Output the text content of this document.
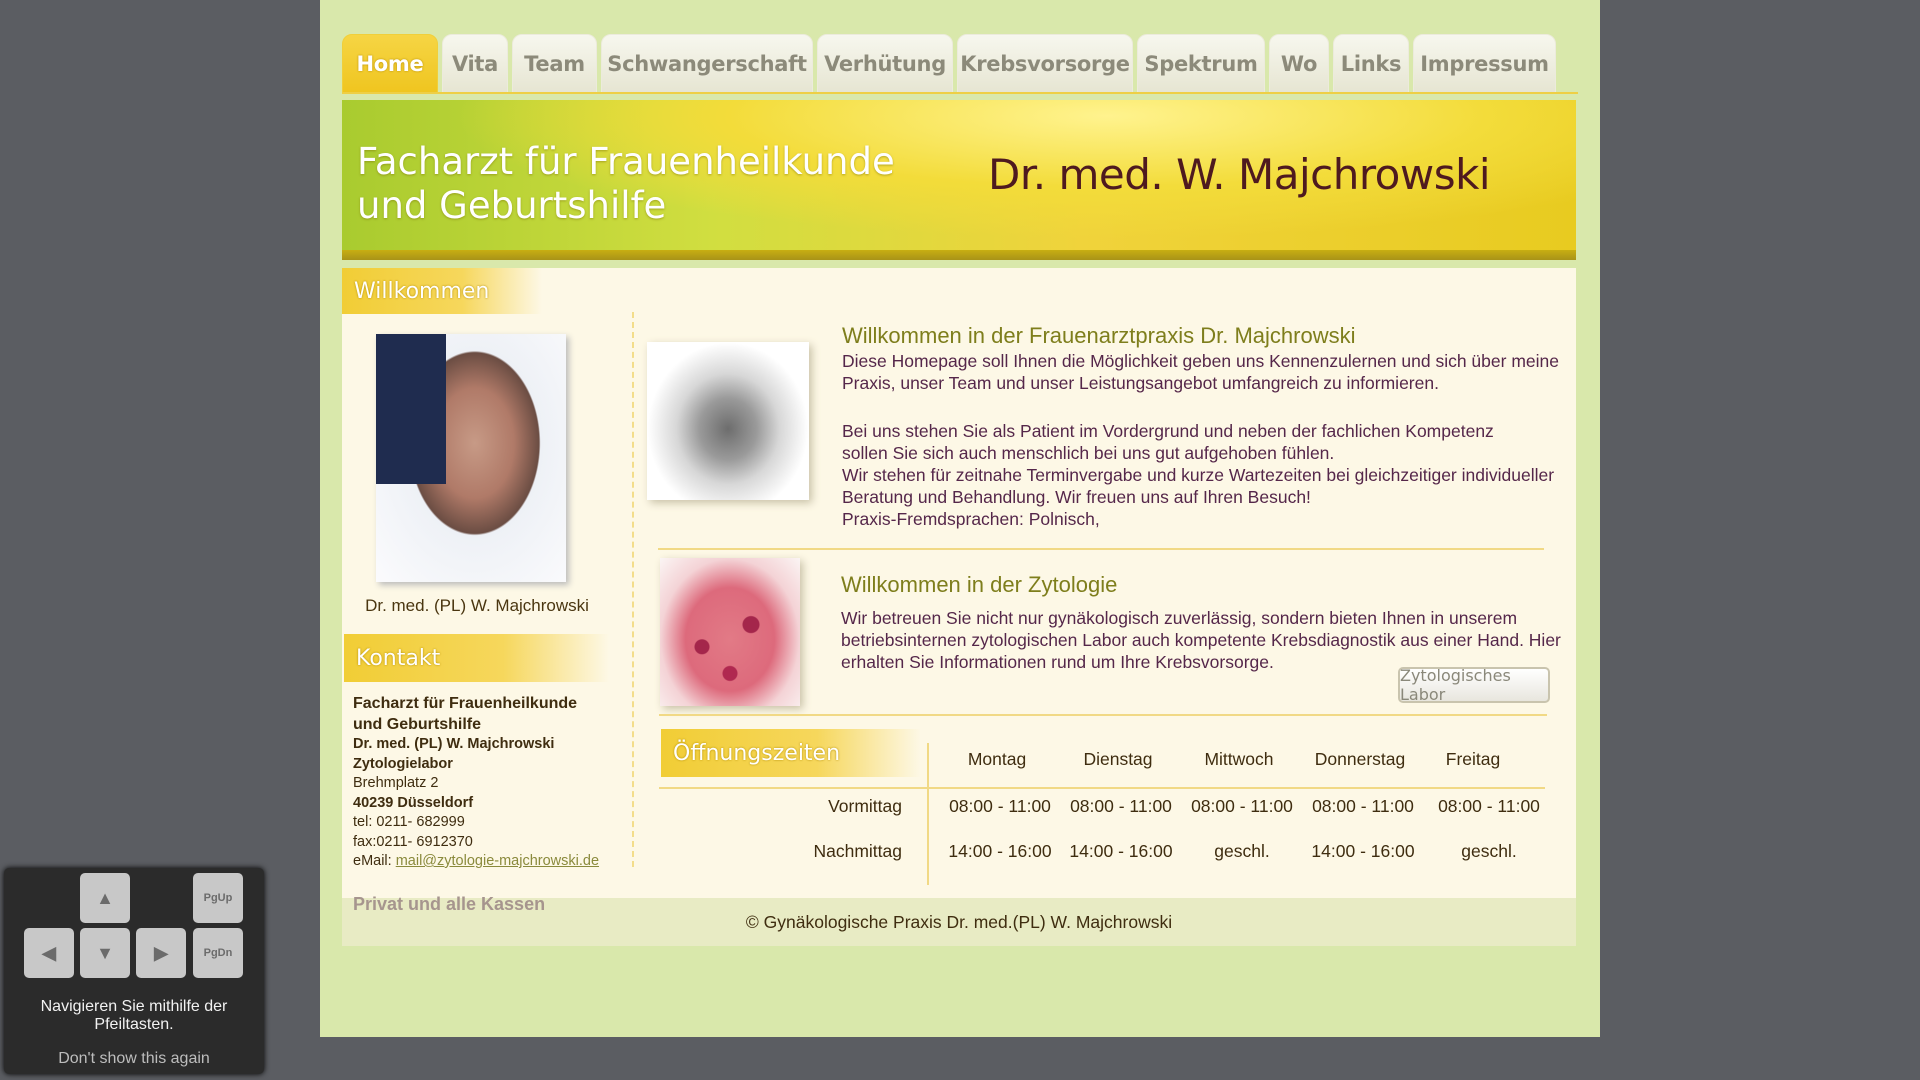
Home	Vita	Team	Schwangerschaft Verhütung Krebsvorsorge Spektrum	Wo	Links Impressum
Facharzt für Frauenheilkunde und Geburtshilfe
Dr. med. W. Majchrowski
Willkommen
Dr. med. (PL) W. Majchrowski
Kontakt
Facharzt für Frauenheilkunde
und Geburtshilfe
Dr. med. (PL) W. Majchrowski
Zytologielabor
Brehmplatz 2
40239 Düsseldorf
tel: 0211- 682999
fax:0211- 6912370
eMail: mail@zytologie-majchrowski.de
Willkommen in der Frauenarztpraxis Dr. Majchrowski
Diese Homepage soll Ihnen die Möglichkeit geben uns Kennenzulernen und sich über meine Praxis, unser Team und unser Leistungsangebot umfangreich zu informieren.
Bei uns stehen Sie als Patient im Vordergrund und neben der fachlichen Kompetenz
sollen Sie sich auch menschlich bei uns gut aufgehoben fühlen.
Wir stehen für zeitnahe Terminvergabe und kurze Wartezeiten bei gleichzeitiger individueller Beratung und Behandlung. Wir freuen uns auf Ihren Besuch!
Praxis-Fremdsprachen: Polnisch,
Willkommen in der Zytologie
Wir betreuen Sie nicht nur gynäkologisch zuverlässig, sondern bieten Ihnen in unserem betriebsinternen zytologischen Labor auch kompetente Krebsdiagnostik aus einer Hand. Hier erhalten Sie Informationen rund um Ihre Krebsvorsorge.
Zytologisches Labor
Öffnungszeiten	Montag	Dienstag	Mittwoch	Donnerstag	Freitag
Vormittag	08:00 - 11:00	08:00 - 11:00	08:00 - 11:00	08:00 - 11:00	08:00 - 11:00
Nachmittag	14:00 - 16:00	14:00 - 16:00	geschl.	14:00 - 16:00	geschl.
Privat und alle Kassen
© Gynäkologische Praxis Dr. med.(PL) W. Majchrowski
▲	PgUp
◀	▼	▶	PgDn
Navigieren Sie mithilfe der Pfeiltasten.
Don't show this again
